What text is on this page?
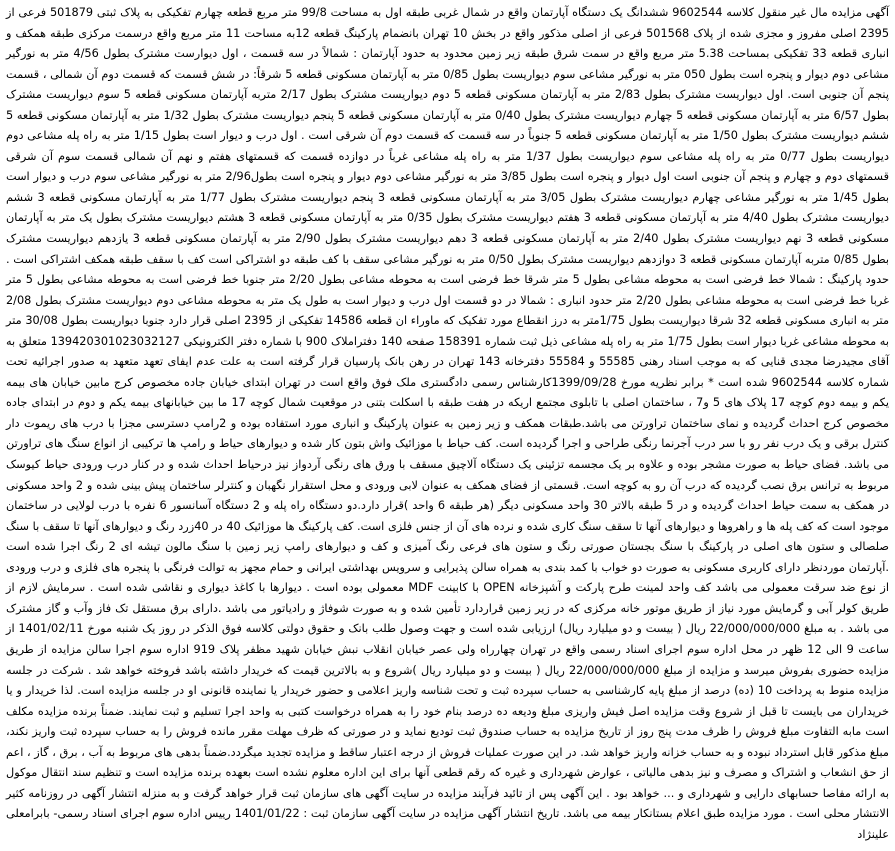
آگهی مزایده مال غیر منقول کلاسه 9602544 ششدانگ یک دستگاه آپارتمان واقع در شمال غربی طبقه اول به مساحت 99/8 متر مربع قطعه چهارم تفکیکی به پلاک ثبتی 501879 فرعی از 2395 اصلی مفروز و مجزی شده از پلاک 501568 فرعی از اصلی مذکور واقع در بخش 10 تهران بانضمام پارکینگ قطعه 12به مساحت 11 متر مربع واقع درسمت مرکزی طبقه همکف و انباری قطعه 33 تفکیکی بمساحت 5.38 متر مربع واقع در سمت شرق طبقه زیر زمین محدود به حدود آپارتمان : شمالاً در سه قسمت ، اول دیوارست مشترک بطول 4/56 متر به نورگیر مشاعی دوم دیوار و پنجره است بطول 050 متر به نورگیر مشاعی سوم دیواریست بطول 0/85 متر به آپارتمان مسکونی قطعه 5 شرقاً: در شش قسمت که قسمت دوم آن شمالی ، قسمت پنجم آن جنوبی است. اول دیواریست مشترک بطول 2/83 متر به آپارتمان مسکونی قطعه 5 دوم دیواریست مشترک بطول 2/17 متربه آپارتمان مسکونی قطعه 5 سوم دیواریست مشترک بطول 6/57 متر به آپارتمان مسکونی قطعه 5 چهارم دیواریست مشترک بطول 0/40 متر به آپارتمان مسکونی قطعه 5 پنجم دیواریست مشترک بطول 1/32 متر به آپارتمان مسکونی قطعه 5 ششم دیواریست مشترک بطول 1/50 متر به آپارتمان مسکونی قطعه 5 جنوباً در سه قسمت که قسمت دوم آن شرقی است . اول درب و دیوار است بطول 1/15 متر به راه پله مشاعی دوم دیواریست بطول 0/77 متر به راه پله مشاعی سوم دیواریست بطول 1/37 متر به راه پله مشاعی غرباً در دوازده قسمت که قسمتهای هفتم و نهم آن شمالی قسمت سوم آن شرقی قسمتهای دوم و چهارم و پنجم آن جنوبی است اول دیوار و پنجره است بطول 3/85 متر به نورگیر مشاعی دوم دیوار و پنجره است بطول2/96 متر به نورگیر مشاعی سوم درب و دیوار است بطول 1/45 متر به نورگیر مشاعی چهارم دیواریست مشترک بطول 3/05 متر به آپارتمان مسکونی قطعه 3 پنجم دیواریست مشترک بطول 1/77 متر به آپارتمان مسکونی قطعه 3 ششم دیواریست مشترک بطول 4/40 متر به آپارتمان مسکونی قطعه 3 هفتم دیواریست مشترک بطول 0/35 متر به آپارتمان مسکونی قطعه 3 هشتم دیواریست مشترک بطول یک متر به آپارتمان مسکونی قطعه 3 نهم دیواریست مشترک بطول 2/40 متر به آپارتمان مسکونی قطعه 3 دهم دیواریست مشترک بطول 2/90 متر به آپارتمان مسکونی قطعه 3 یازدهم دیواریست مشترک بطول 0/85 متربه آپارتمان مسکونی قطعه 3 دوازدهم دیواریست مشترک بطول 0/50 متر به نورگیر مشاعی سقف با کف طبقه دو اشتراکی است کف با سقف طبقه همکف اشتراکی است . حدود پارکینگ : شمالا خط فرضی است به محوطه مشاعی بطول 5 متر شرقا خط فرضی است به محوطه مشاعی بطول 2/20 متر جنوبا خط فرضی است به محوطه مشاعی بطول 5 متر غربا خط فرضی است به محوطه مشاعی بطول 2/20 متر حدود انباری : شمالا در دو قسمت اول درب و دیوار است به طول یک متر به محوطه مشاعی دوم دیواریست مشترک بطول 2/08 متر به انباری مسکونی قطعه 32 شرقا دیواریست بطول 1/75متر به درز انقطاع مورد تفکیک که ماوراء ان قطعه 14586 تفکیکی از 2395 اصلی قرار دارد جنوبا دیواریست بطول 30/08 متر به محوطه مشاعی غربا دیوار است بطول 1/75 متر به راه پله مشاعی ذیل ثبت شماره 158391 صفحه 140 دفتراملاک 900 با شماره دفتر الکترونیکی 139420301023032127 متعلق به آقای مجیدرضا مجدی قنایی که به موجب اسناد رهنی 55585 و 55584 دفترخانه 143 تهران در رهن بانک پارسیان قرار گرفته است به علت عدم ایفای تعهد متعهد به صدور اجرائیه تحت شماره کلاسه 9602544 شده است * برابر نظریه مورخ 1399/09/28کارشناس رسمی دادگستری ملک فوق واقع است در تهران ابتدای خیابان جاده مخصوص کرج مابین خیابان های بیمه یکم و بیمه دوم کوچه 17 پلاک های 5 و7 ، ساختمان اصلی با تابلوی مجتمع اریکه در هفت طبقه با اسکلت بتنی در موقعیت شمال کوچه 17 ما بین خیابانهای بیمه یکم و دوم در ابتدای جاده مخصوص کرج احداث گردیده و نمای ساختمان تراورتن می باشد.طبقات همکف و زیر زمین به عنوان پارکینگ و انباری مورد استفاده بوده و 2رامپ دسترسی مجزا با درب های ریموت دار کنترل برقی و یک درب نفر رو با سر درب آجرنما رنگی طراحی و اجرا گردیده است. کف حیاط با موزائیک واش بتون کار شده و دیوارهای حیاط و رامپ ها ترکیبی از انواع سنگ های تراورتن می باشد. فضای حیاط به صورت مشجر بوده و علاوه بر یک مجسمه تزئینی یک دستگاه آلاچیق مسقف با ورق های رنگی آردواز نیز درحیاط احداث شده و در کنار درب ورودی حیاط کیوسک مربوط به ترانس برق نصب گردیده که درب آن رو به کوچه است. قسمتی از فضای همکف به عنوان لابی ورودی و محل استقرار نگهبان و کنترلر ساختمان پیش بینی شده و 2 واحد مسکونی در همکف به سمت حیاط احداث گردیده و در 5 طبقه بالاتر 30 واحد مسکونی دیگر (هر طبقه 6 واحد )قرار دارد.دو دستگاه راه پله و 2 دستگاه آسانسور 6 نفره با درب لولایی در ساختمان موجود است که کف پله ها و راهروها و دیوارهای آنها تا سقف سنگ کاری شده و نرده های آن از جنس فلزی است. کف پارکینگ ها موزائیک 40 در 40زرد رنگ و دیوارهای آنها تا سقف با سنگ صلصالی و ستون های اصلی در پارکینگ با سنگ بجستان صورتی رنگ و ستون های فرعی رنگ آمیزی و کف و دیوارهای رامپ زیر زمین با سنگ مالون تیشه ای 2 رنگ اجرا شده است .آپارتمان موردنظر دارای کاربری مسکونی به صورت دو خواب با کمد بندی به همراه سالن پذیرایی و سرویس بهداشتی ایرانی و حمام مجهز به توالت فرنگی با پنجره های فلزی و درب ورودی از نوع ضد سرقت معمولی می باشد کف واحد لمینت طرح پارکت و آشپزخانه OPEN با کابینت MDF معمولی بوده است . دیوارها با کاغذ دیواری و نقاشی شده است . سرمایش لازم از طریق کولر آبی و گرمایش مورد نیاز از طریق موتور خانه مرکزی که در زیر زمین قراردارد تأمین شده و به صورت شوفاژ و رادیاتور می باشد .دارای برق مستقل تک فاز وآب و گاز مشترک می باشد . به مبلغ 22/000/000/000 ریال ( بیست و دو میلیارد ریال) ارزیابی شده است و جهت وصول طلب بانک و حقوق دولتی کلاسه فوق الذکر در روز یک شنبه مورخ 1401/02/11 از ساعت 9 الی 12 ظهر در محل اداره سوم اجرای اسناد رسمی واقع در تهران چهارراه ولی عصر خیابان انقلاب نبش خیابان شهید مظفر پلاک 919 اداره سوم اجرا سالن مزایده از طریق مزایده حضوری بفروش میرسد و مزایده از مبلغ 22/000/000/000 ریال ( بیست و دو میلیارد ریال )شروع و به بالاترین قیمت که خریدار داشته باشد فروخته خواهد شد . شرکت در جلسه مزایده منوط به پرداخت 10 (ده) درصد از مبلغ پایه کارشناسی به حساب سپرده ثبت و تحت شناسه واریز اعلامی و حضور خریدار یا نماینده قانونی او در جلسه مزایده است. لذا خریدار و یا خریداران می بایست تا قبل از شروع وقت مزایده اصل فیش واریزی مبلغ ودیعه ده درصد بنام خود را به همراه درخواست کتبی به واحد اجرا تسلیم و ثبت نمایند. ضمناً برنده مزایده مکلف است مابه التفاوت مبلغ فروش را ظرف مدت پنج روز از تاریخ مزایده به حساب صندوق ثبت تودیع نماید و در صورتی که ظرف مهلت مقرر مانده فروش را به حساب سپرده ثبت واریز نکند، مبلغ مذکور قابل استرداد نبوده و به حساب خزانه واریز خواهد شد. در این صورت عملیات فروش از درجه اعتبار ساقط و مزایده تجدید میگردد.ضمناً بدهی های مربوط به آب ، برق ، گاز ، اعم از حق انشعاب و اشتراک و مصرف و نیز بدهی مالیاتی ، عوارض شهرداری و غیره که رقم قطعی آنها برای این اداره معلوم نشده است بعهده برنده مزایده است و تنظیم سند انتقال موکول به ارائه مفاصا حسابهای دارایی و شهرداری و ... خواهد بود . این آگهی پس از تائید فرآیند مزایده در سایت آگهی های سازمان ثبت قرار خواهد گرفت و به منزله انتشار آگهی در روزنامه کثیر الانتشار محلی است . مورد مزایده طبق اعلام بستانکار بیمه می باشد. تاریخ انتشار آگهی مزایده در سایت آگهی سازمان ثبت : 1401/01/22 رییس اداره سوم اجرای اسناد رسمی- بابرامعلی علینژاد
